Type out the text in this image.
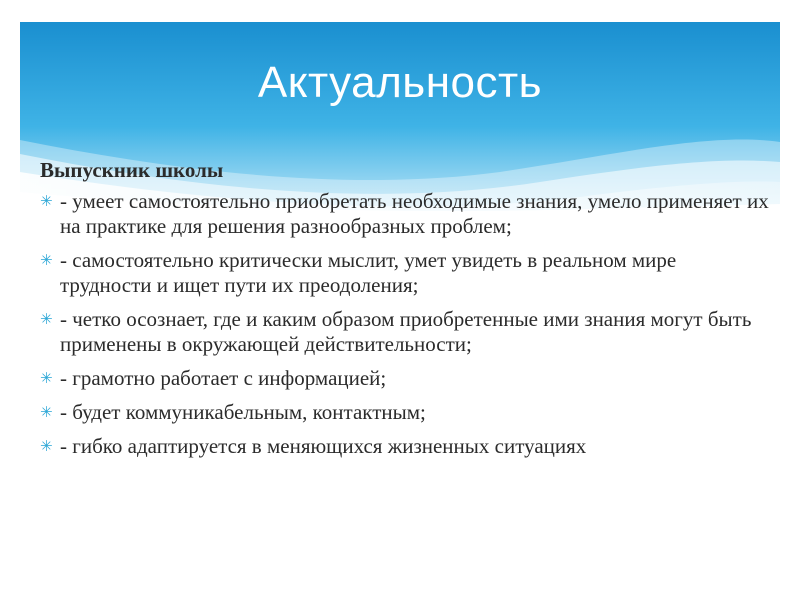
Актуальность
Выпускник школы
✳ - умеет самостоятельно приобретать необходимые знания, умело применяет их на практике для решения разнообразных проблем;
✳ - самостоятельно критически мыслит, умет увидеть в реальном мире трудности и ищет пути их преодоления;
✳ - четко осознает, где и каким образом приобретенные ими знания могут быть применены в окружающей действительности;
✳ - грамотно работает с информацией;
✳ - будет коммуникабельным, контактным;
✳ - гибко адаптируется в меняющихся жизненных ситуациях
